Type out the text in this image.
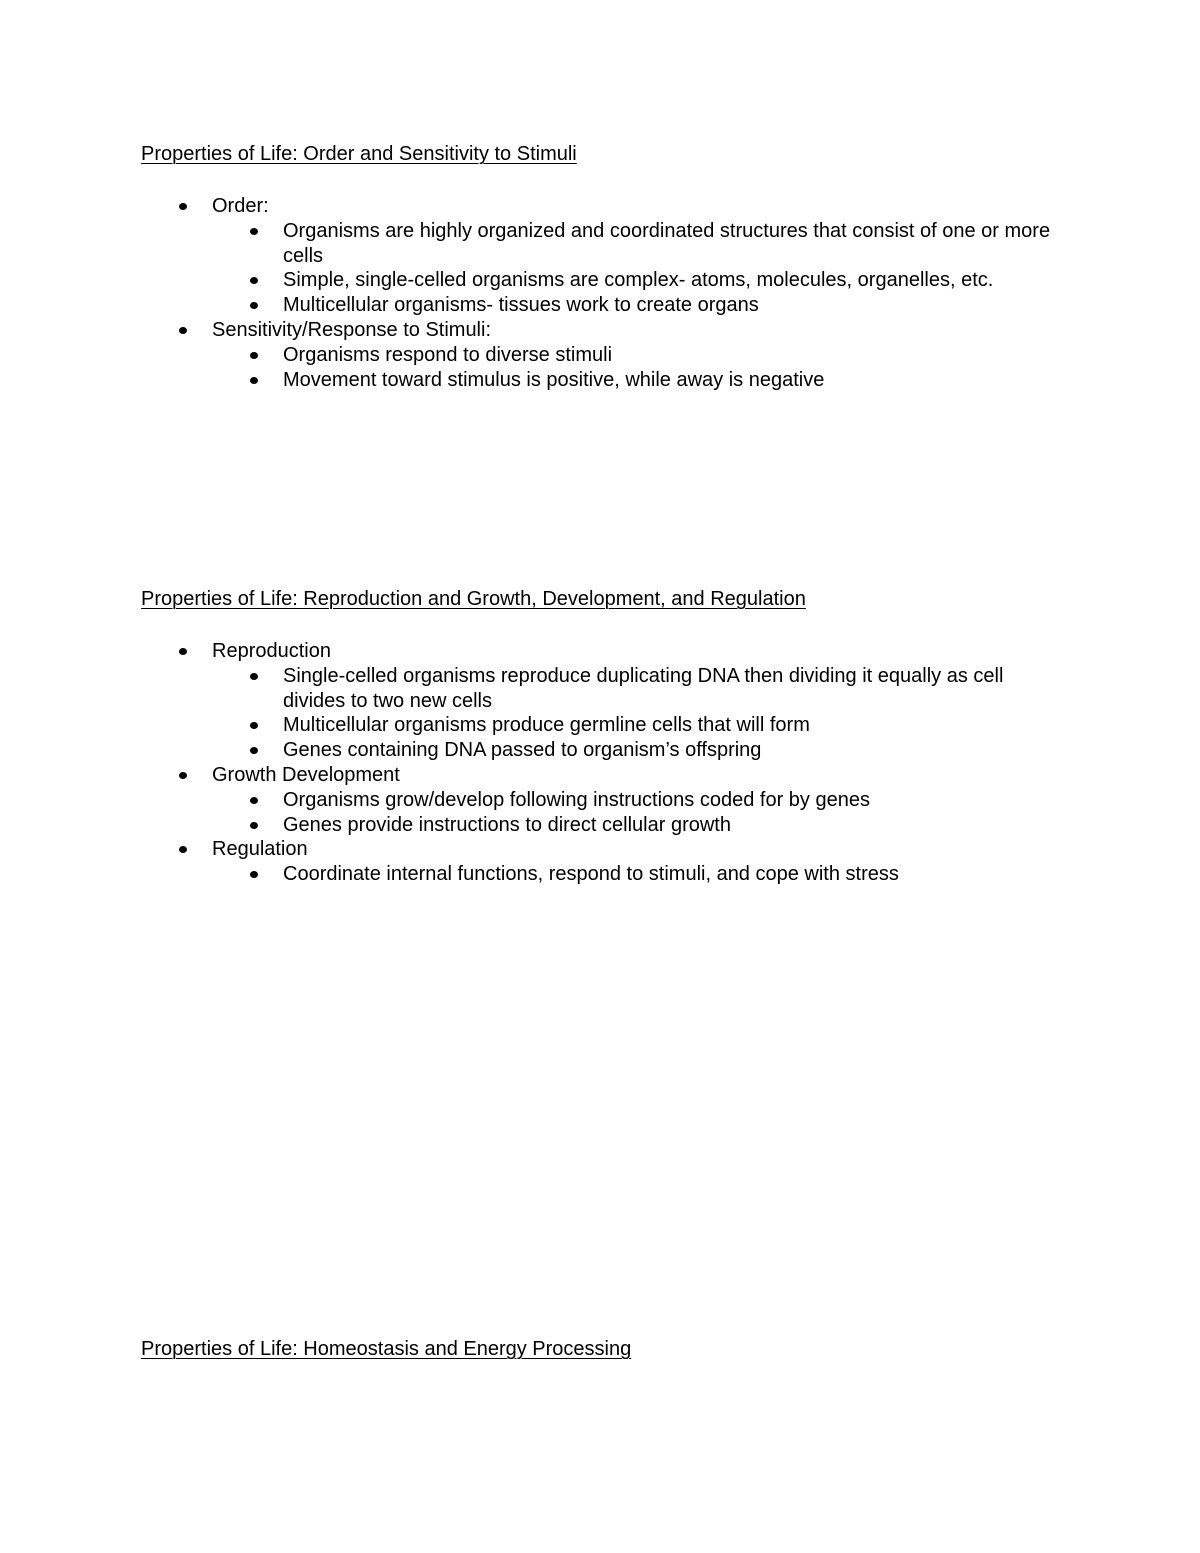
Properties of Life: Order and Sensitivity to Stimuli
Order:
Organisms are highly organized and coordinated structures that consist of one or more cells
Simple, single-celled organisms are complex- atoms, molecules, organelles, etc.
Multicellular organisms- tissues work to create organs
Sensitivity/Response to Stimuli:
Organisms respond to diverse stimuli
Movement toward stimulus is positive, while away is negative
Properties of Life: Reproduction and Growth, Development, and Regulation
Reproduction
Single-celled organisms reproduce duplicating DNA then dividing it equally as cell divides to two new cells
Multicellular organisms produce germline cells that will form
Genes containing DNA passed to organism’s offspring
Growth Development
Organisms grow/develop following instructions coded for by genes
Genes provide instructions to direct cellular growth
Regulation
Coordinate internal functions, respond to stimuli, and cope with stress
Properties of Life: Homeostasis and Energy Processing
